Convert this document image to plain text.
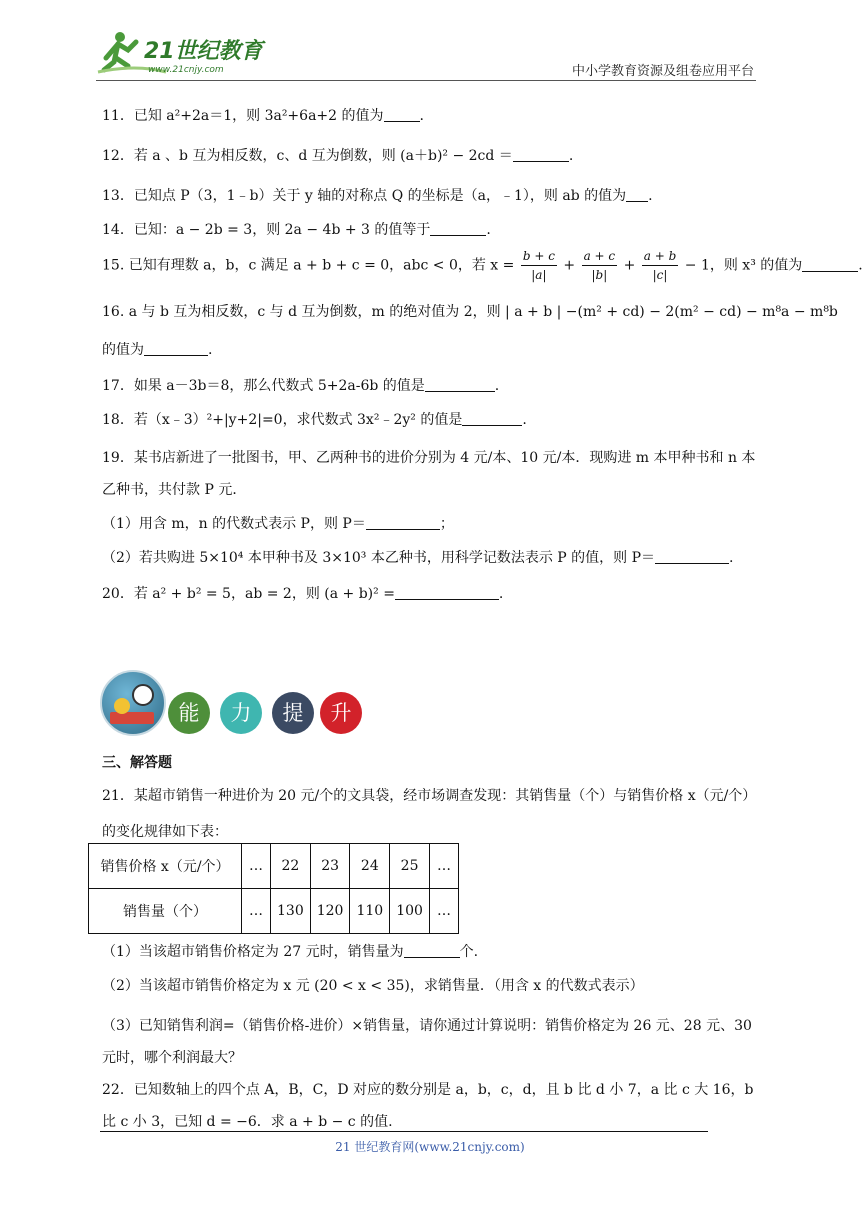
21世纪教育
www.21cnjy.com	中小学教育资源及组卷应用平台
11．已知 a²+2a＝1，则 3a²+6a+2 的值为	.
12．若 a 、b 互为相反数，c、d 互为倒数，则 (a＋b)² − 2cd ＝	.
13．已知点 P（3，1﹣b）关于 y 轴的对称点 Q 的坐标是（a，﹣1），则 ab 的值为 .
14．已知：a − 2b = 3，则 2a − 4b + 3 的值等于	.
15. 已知有理数 a，b，c 满足 a + b + c = 0，abc < 0，若 $x = \frac{b + c}{|a|} + \frac{a + c}{|b|} + \frac{a + b}{|c|} - 1$，则 x³ 的值为	.
16. a 与 b 互为相反数，c 与 d 互为倒数，m 的绝对值为 2，则 | a + b | −(m² + cd) − 2(m² − cd) − m⁸a − m⁸b
的值为	.
17．如果 a－3b＝8，那么代数式 5+2a-6b 的值是	.
18．若（x﹣3）²+|y+2|=0，求代数式 3x²﹣2y² 的值是	.
19．某书店新进了一批图书，甲、乙两种书的进价分别为 4 元/本、10 元/本．现购进 m 本甲种书和 n 本乙种书，共付款 P 元．
（1）用含 m，n 的代数式表示 P，则 P＝	；
（2）若共购进 5×10⁴ 本甲种书及 3×10³ 本乙种书，用科学记数法表示 P 的值，则 P＝	.
20．若 a² + b² = 5，ab = 2，则 (a + b)² =	.
能	力	提	升
三、解答题
21．某超市销售一种进价为 20 元/个的文具袋，经市场调查发现：其销售量（个）与销售价格 x（元/个）的变化规律如下表：
销售价格 x（元/个）	…	22	23	24	25	…
销售量（个）	…	130	120	110	100	…
（1）当该超市销售价格定为 27 元时，销售量为	个.
（2）当该超市销售价格定为 x 元 (20 < x < 35)，求销售量．（用含 x 的代数式表示）
（3）已知销售利润=（销售价格-进价）×销售量，请你通过计算说明：销售价格定为 26 元、28 元、30 元时，哪个利润最大？
22．已知数轴上的四个点 A，B，C，D 对应的数分别是 a，b，c，d，且 b 比 d 小 7，a 比 c 大 16，b 比 c 小 3，已知 d = −6．求 a + b − c 的值.
21 世纪教育网(www.21cnjy.com)
